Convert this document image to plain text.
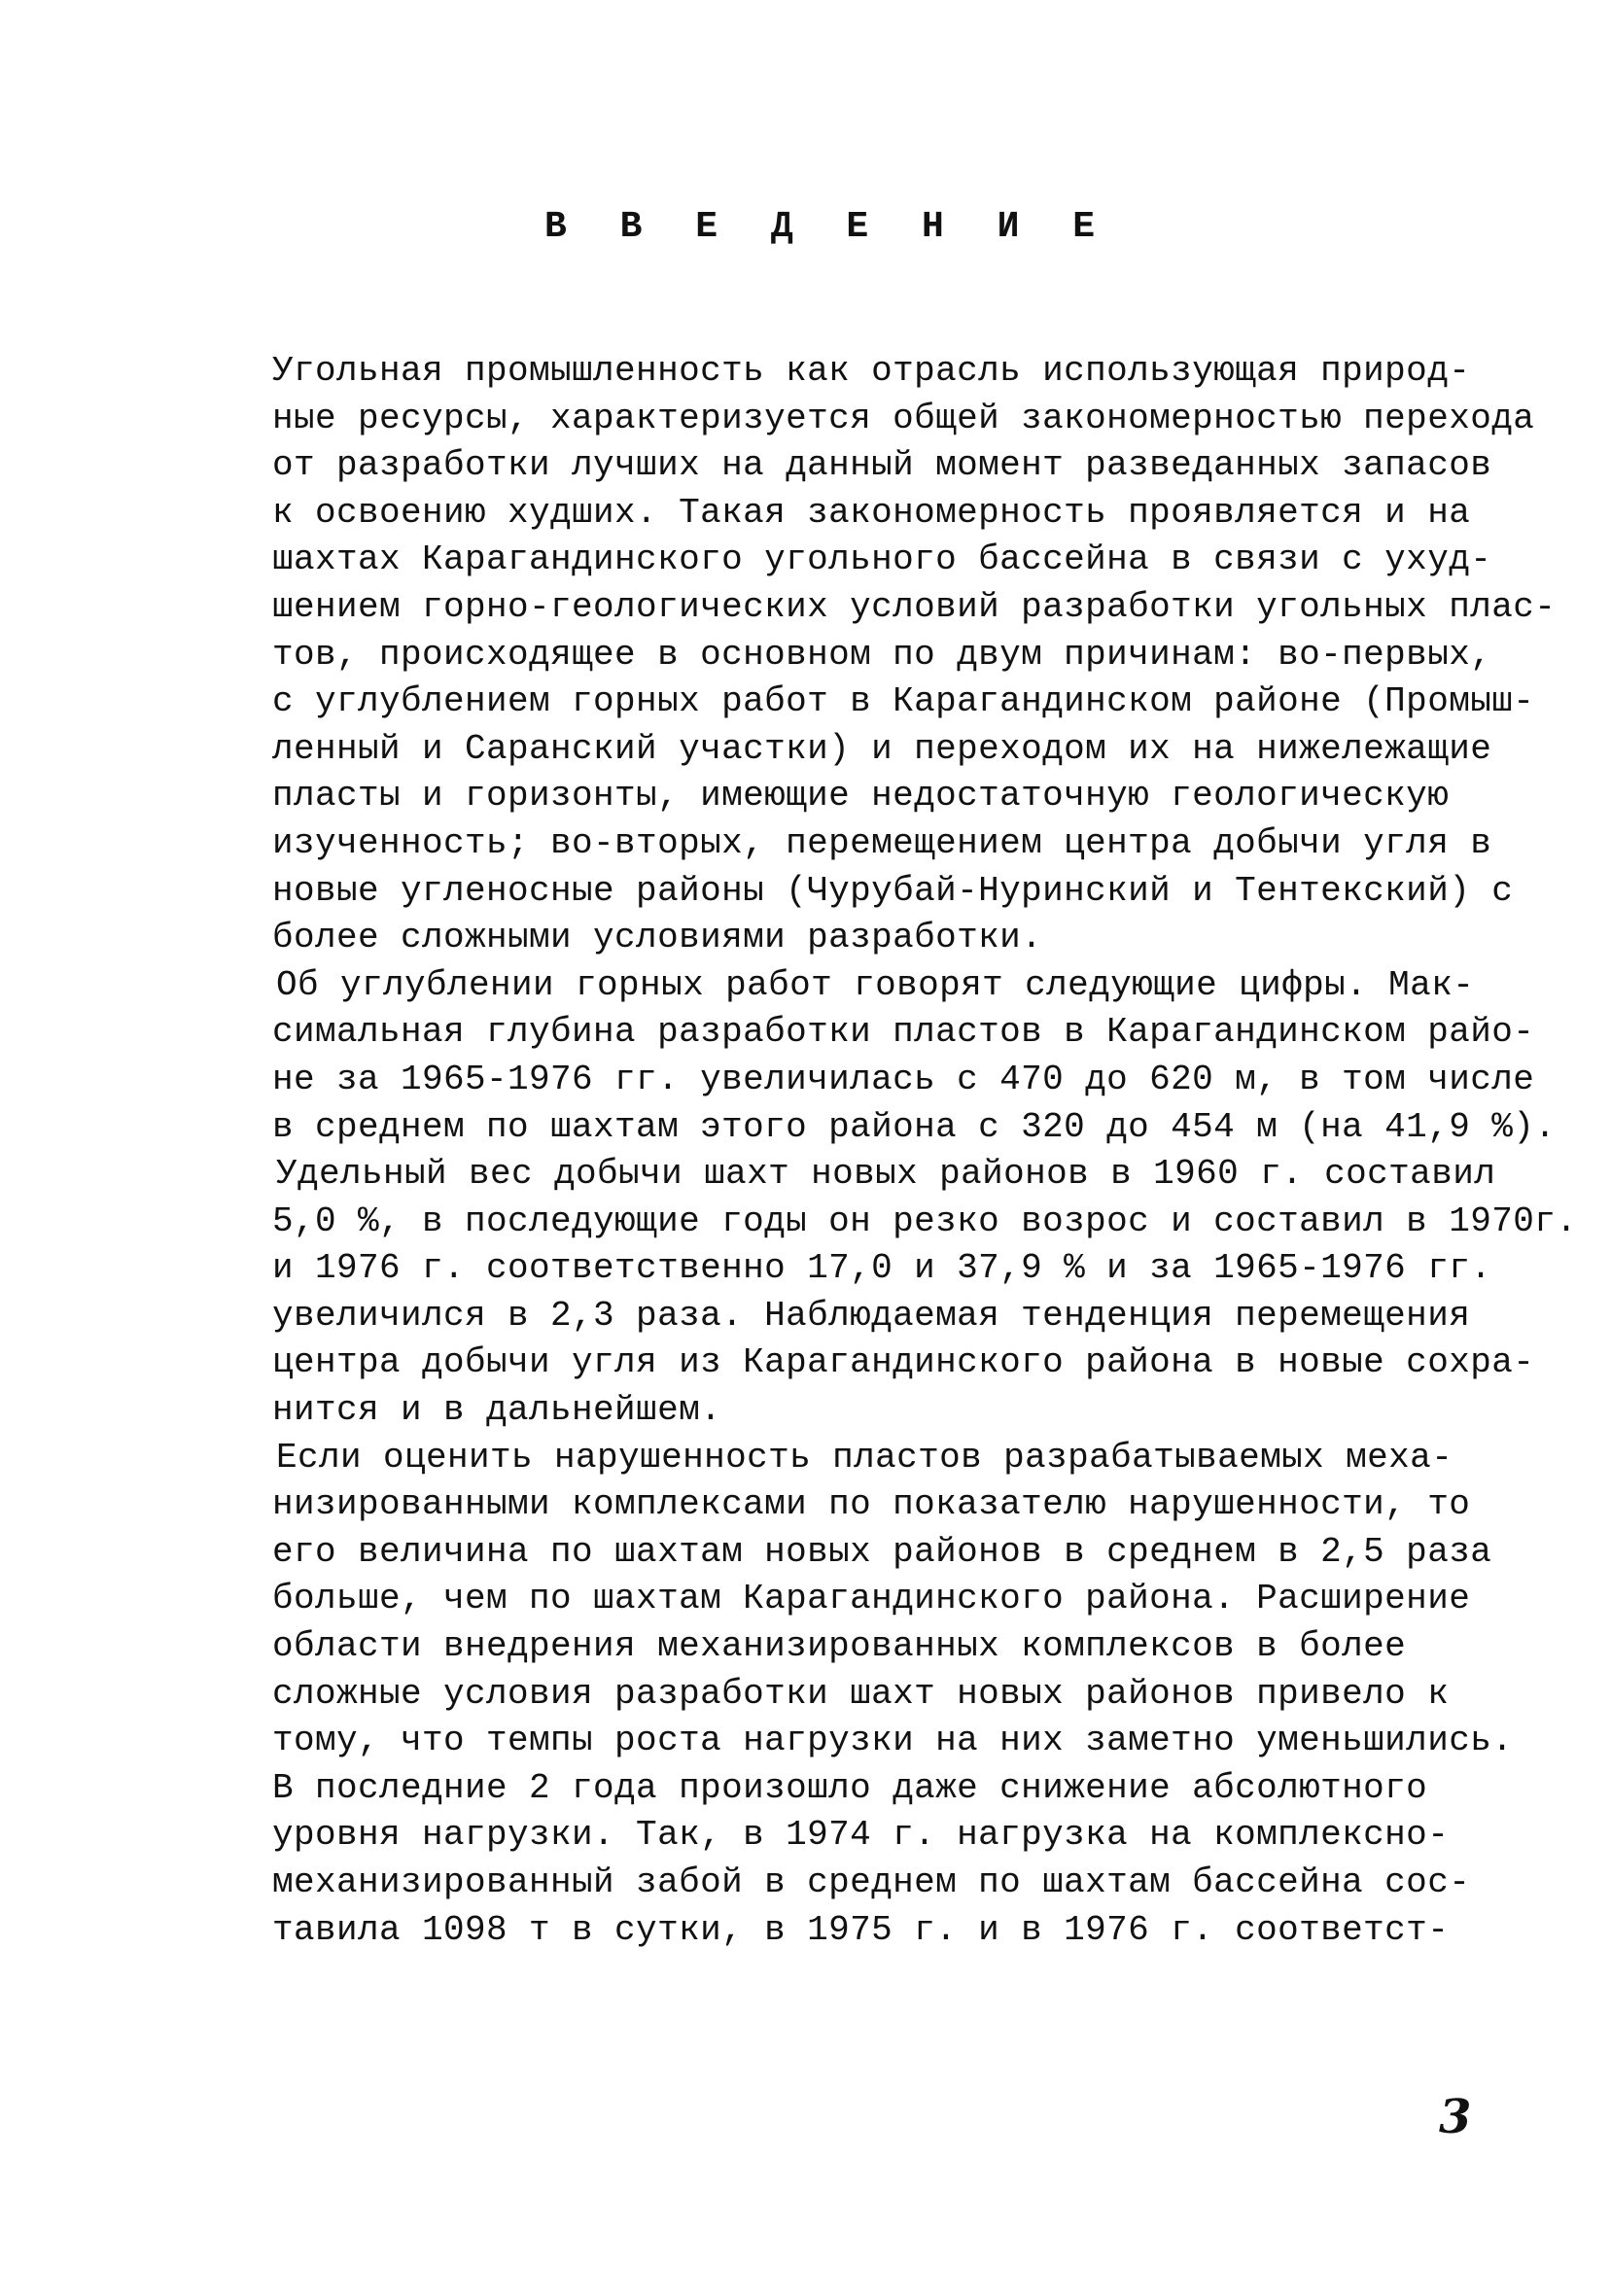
В В Е Д Е Н И Е
Угольная промышленность как отрасль использующая природ-
ные ресурсы, характеризуется общей закономерностью перехода
от разработки лучших на данный момент разведанных запасов
к освоению худших. Такая закономерность проявляется и на
шахтах Карагандинского угольного бассейна в связи с ухуд-
шением горно-геологических условий разработки угольных плас-
тов, происходящее в основном по двум причинам: во-первых,
с углублением горных работ в Карагандинском районе (Промыш-
ленный и Саранский участки) и переходом их на нижележащие
пласты и горизонты, имеющие недостаточную геологическую
изученность; во-вторых, перемещением центра добычи угля в
новые угленосные районы (Чурубай-Нуринский и Тентекский) с
более сложными условиями разработки.
Об углублении горных работ говорят следующие цифры. Мак-
симальная глубина разработки пластов в Карагандинском райо-
не за 1965-1976 гг. увеличилась с 470 до 620 м, в том числе
в среднем по шахтам этого района с 320 до 454 м (на 41,9 %).
Удельный вес добычи шахт новых районов в 1960 г. составил
5,0 %, в последующие годы он резко возрос и составил в 1970г.
и 1976 г. соответственно 17,0 и 37,9 % и за 1965-1976 гг.
увеличился в 2,3 раза. Наблюдаемая тенденция перемещения
центра добычи угля из Карагандинского района в новые сохра-
нится и в дальнейшем.
Если оценить нарушенность пластов разрабатываемых меха-
низированными комплексами по показателю нарушенности, то
его величина по шахтам новых районов в среднем в 2,5 раза
больше, чем по шахтам Карагандинского района. Расширение
области внедрения механизированных комплексов в более
сложные условия разработки шахт новых районов привело к
тому, что темпы роста нагрузки на них заметно уменьшились.
В последние 2 года произошло даже снижение абсолютного
уровня нагрузки. Так, в 1974 г. нагрузка на комплексно-
механизированный забой в среднем по шахтам бассейна сос-
тавила 1098 т в сутки, в 1975 г. и в 1976 г. соответст-
3
